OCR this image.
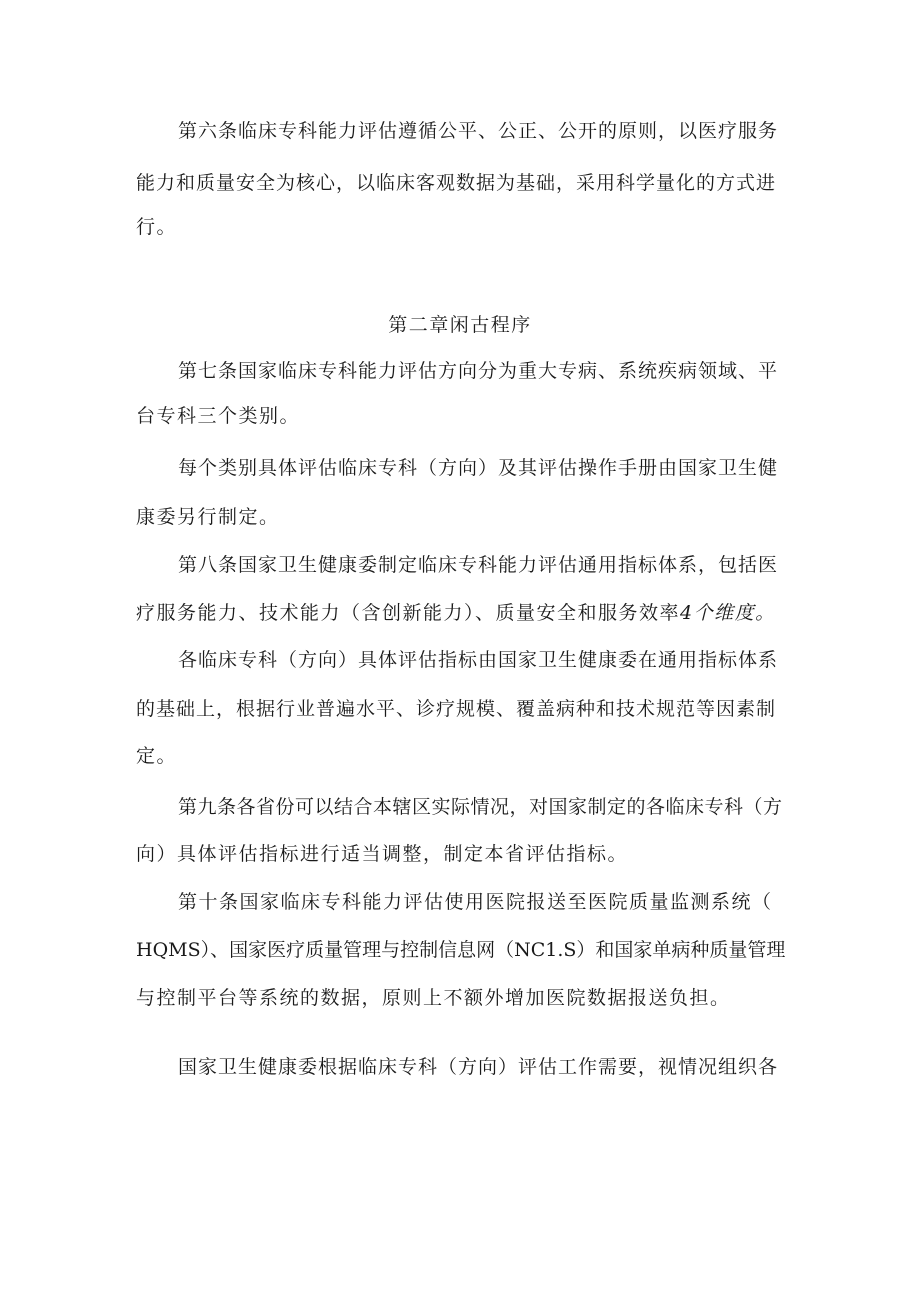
第六条临床专科能力评估遵循公平、公正、公开的原则，以医疗服务
能力和质量安全为核心，以临床客观数据为基础，采用科学量化的方式进
行。
第二章闲古程序
第七条国家临床专科能力评估方向分为重大专病、系统疾病领域、平
台专科三个类别。
每个类别具体评估临床专科（方向）及其评估操作手册由国家卫生健
康委另行制定。
第八条国家卫生健康委制定临床专科能力评估通用指标体系，包括医
疗服务能力、技术能力（含创新能力）、质量安全和服务效率4个维度。
各临床专科（方向）具体评估指标由国家卫生健康委在通用指标体系
的基础上，根据行业普遍水平、诊疗规模、覆盖病种和技术规范等因素制
定。
第九条各省份可以结合本辖区实际情况，对国家制定的各临床专科（方
向）具体评估指标进行适当调整，制定本省评估指标。
第十条国家临床专科能力评估使用医院报送至医院质量监测系统（
HQMS）、国家医疗质量管理与控制信息网（NC1.S）和国家单病种质量管理
与控制平台等系统的数据，原则上不额外增加医院数据报送负担。
国家卫生健康委根据临床专科（方向）评估工作需要，视情况组织各
